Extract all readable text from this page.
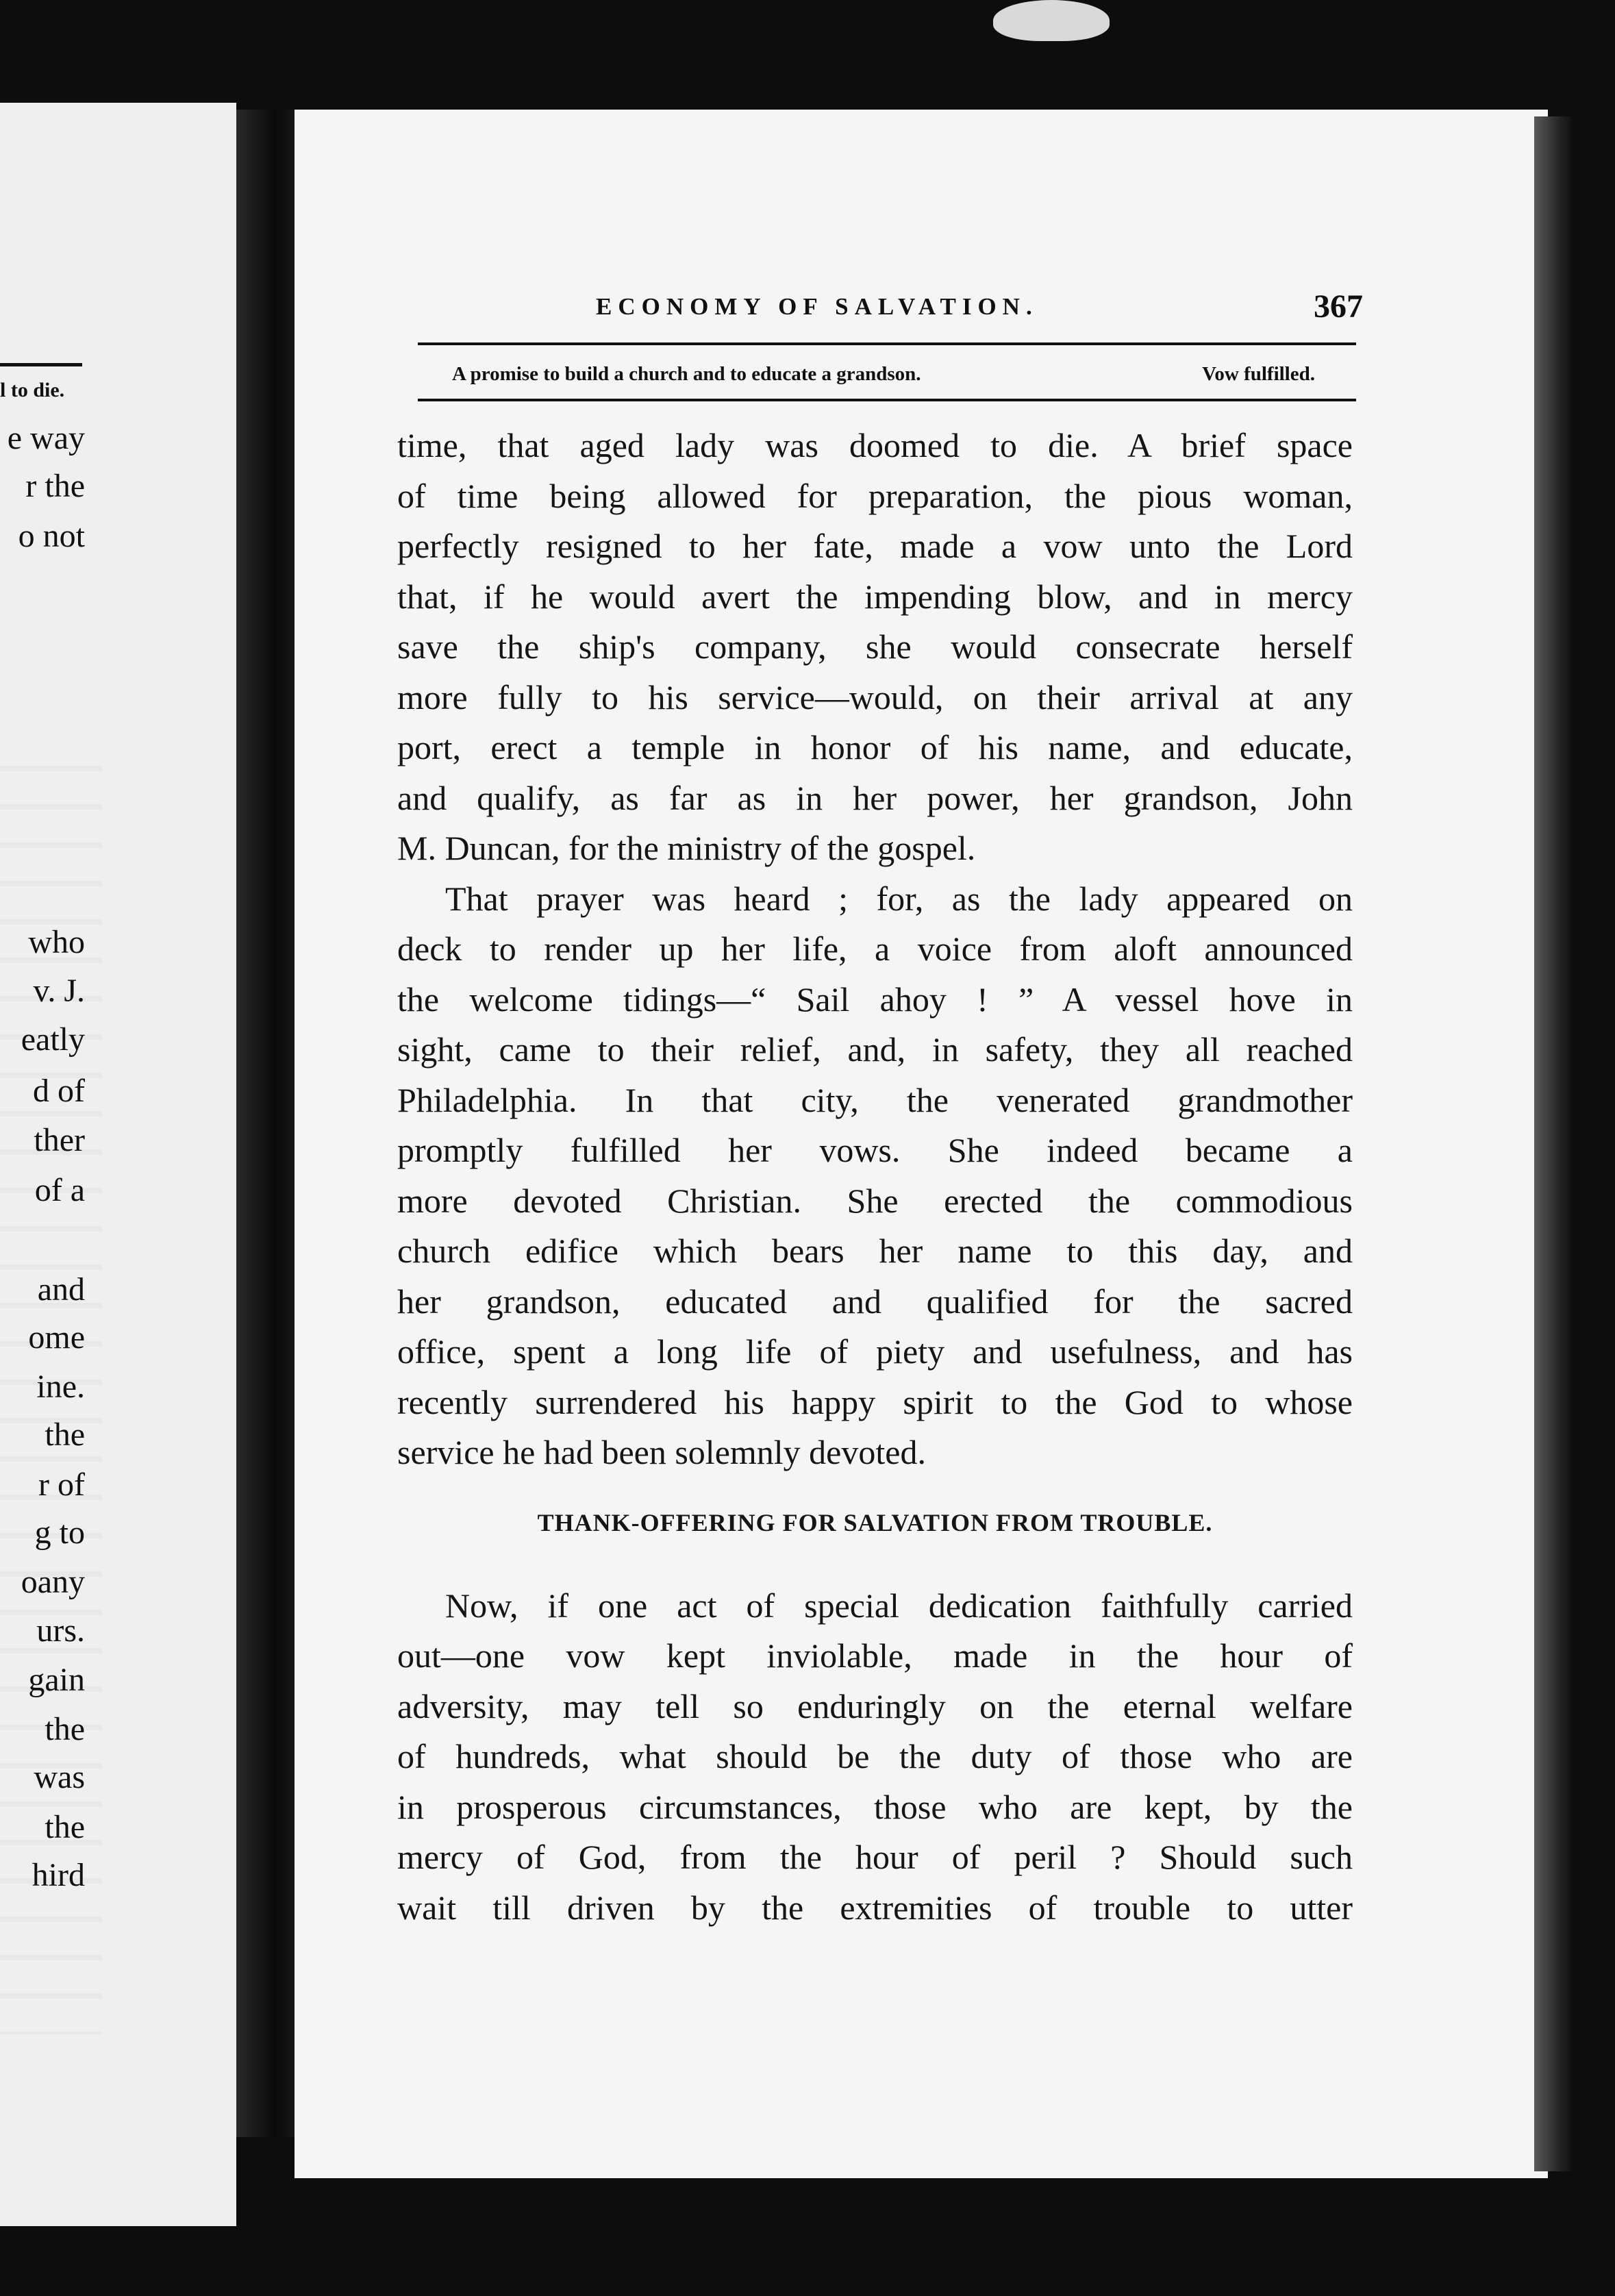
l to die.
e way
r the
o not
who
v. J.
eatly
d of
ther
of a
and
ome
ine.
the
r of
g to
oany
urs.
gain
the
was
the
hird
ECONOMY OF SALVATION.	367
A promise to build a church and to educate a grandson.	Vow fulfilled.
time, that aged lady was doomed to die. A brief space
of time being allowed for preparation, the pious woman,
perfectly resigned to her fate, made a vow unto the Lord
that, if he would avert the impending blow, and in mercy
save the ship's company, she would consecrate herself
more fully to his service—would, on their arrival at any
port, erect a temple in honor of his name, and educate,
and qualify, as far as in her power, her grandson, John
M. Duncan, for the ministry of the gospel.
That prayer was heard ; for, as the lady appeared on
deck to render up her life, a voice from aloft announced
the welcome tidings—“ Sail ahoy ! ” A vessel hove in
sight, came to their relief, and, in safety, they all reached
Philadelphia. In that city, the venerated grandmother
promptly fulfilled her vows. She indeed became a
more devoted Christian. She erected the commodious
church edifice which bears her name to this day, and
her grandson, educated and qualified for the sacred
office, spent a long life of piety and usefulness, and has
recently surrendered his happy spirit to the God to whose
service he had been solemnly devoted.
THANK-OFFERING FOR SALVATION FROM TROUBLE.
Now, if one act of special dedication faithfully carried
out—one vow kept inviolable, made in the hour of
adversity, may tell so enduringly on the eternal welfare
of hundreds, what should be the duty of those who are
in prosperous circumstances, those who are kept, by the
mercy of God, from the hour of peril ? Should such
wait till driven by the extremities of trouble to utter
